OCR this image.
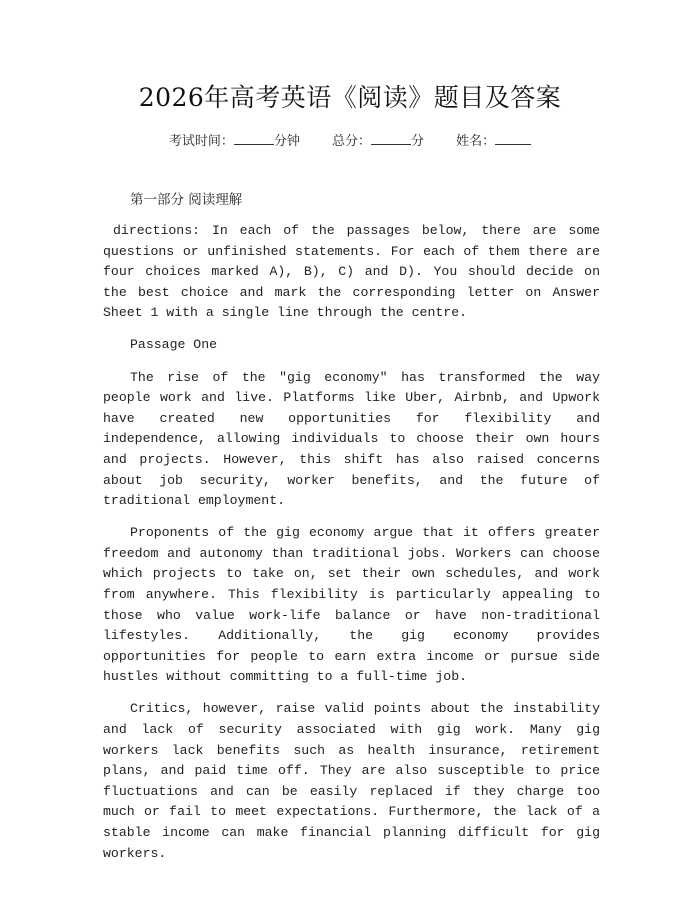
2026年高考英语《阅读》题目及答案
考试时间：	分钟 总分：	分 姓名：
第一部分 阅读理解

directions: In each of the passages below, there are some questions or unfinished statements. For each of them there are four choices marked A), B), C) and D). You should decide on the best choice and mark the corresponding letter on Answer Sheet 1 with a single line through the centre.

Passage One

The rise of the "gig economy" has transformed the way people work and live. Platforms like Uber, Airbnb, and Upwork have created new opportunities for flexibility and independence, allowing individuals to choose their own hours and projects. However, this shift has also raised concerns about job security, worker benefits, and the future of traditional employment.

Proponents of the gig economy argue that it offers greater freedom and autonomy than traditional jobs. Workers can choose which projects to take on, set their own schedules, and work from anywhere. This flexibility is particularly appealing to those who value work-life balance or have non-traditional lifestyles. Additionally, the gig economy provides opportunities for people to earn extra income or pursue side hustles without committing to a full-time job.

Critics, however, raise valid points about the instability and lack of security associated with gig work. Many gig workers lack benefits such as health insurance, retirement plans, and paid time off. They are also susceptible to price fluctuations and can be easily replaced if they charge too much or fail to meet expectations. Furthermore, the lack of a stable income can make financial planning difficult for gig workers.
